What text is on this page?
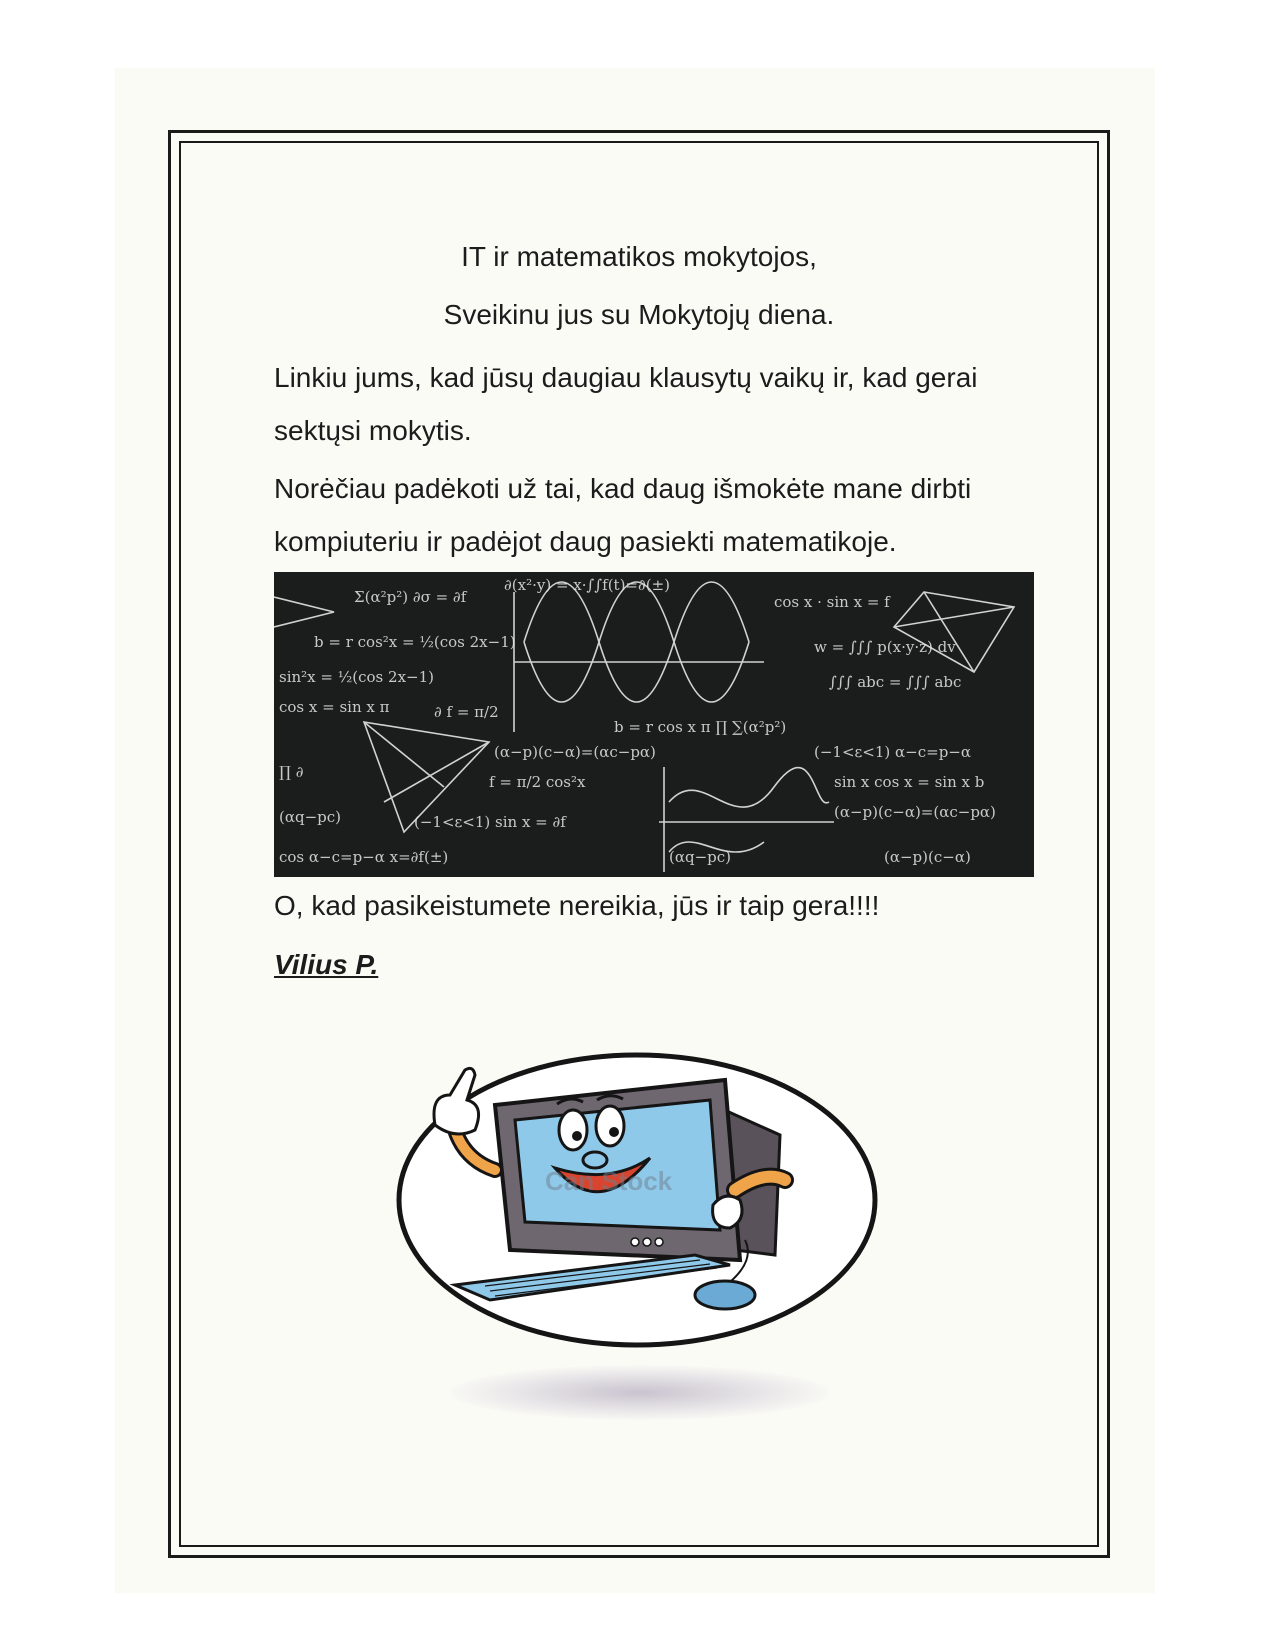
IT ir matematikos mokytojos,
Sveikinu jus su Mokytojų diena.
Linkiu jums, kad jūsų daugiau klausytų vaikų ir, kad gerai
sektųsi mokytis.
Norėčiau padėkoti už tai, kad daug išmokėte mane dirbti
kompiuteriu ir padėjot daug pasiekti matematikoje.
Σ(α²p²) ∂σ = ∂f
∂(x²·y) = x·∫∫f(t)=∂(±)
cos x · sin x = f
b = r cos²x = ½(cos 2x−1)
sin²x = ½(cos 2x−1)
cos x = sin x π	∂ f = π/2
w = ∫∫∫ p(x·y·z) dv
∫∫∫ abc = ∫∫∫ abc
b = r cos x π ∏ ∑(α²p²)
(α−p)(c−α)=(αc−pα)	(−1<ε<1) α−c=p−α
∏ ∂
f = π/2 cos²x	sin x cos x = sin x b
(αq−pc)	(−1<ε<1) sin x = ∂f
(α−p)(c−α)=(αc−pα)
cos α−c=p−α x=∂f(±)	(αq−pc)	(α−p)(c−α)
O, kad pasikeistumete nereikia, jūs ir taip gera!!!!
Vilius P.
Can Stock
